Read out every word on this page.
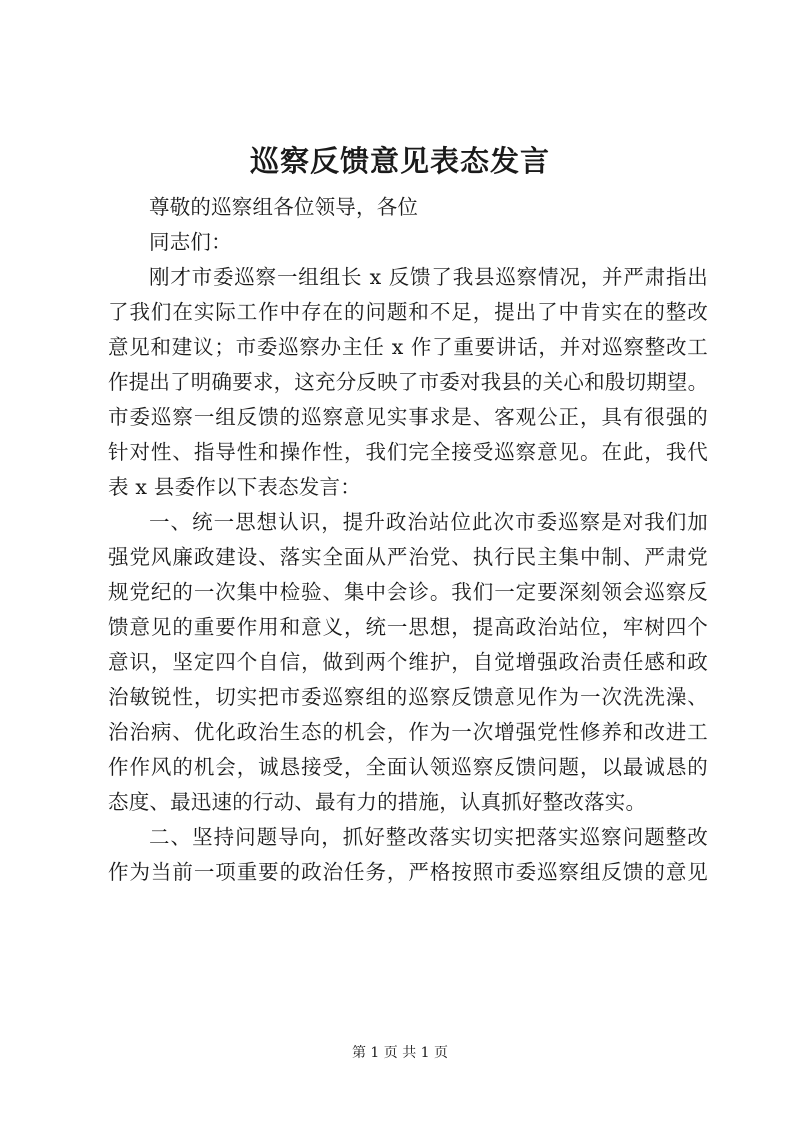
巡察反馈意见表态发言
尊敬的巡察组各位领导，各位
同志们：
刚才市委巡察一组组长 x 反馈了我县巡察情况，并严肃指出
了我们在实际工作中存在的问题和不足，提出了中肯实在的整改
意见和建议；市委巡察办主任 x 作了重要讲话，并对巡察整改工
作提出了明确要求，这充分反映了市委对我县的关心和殷切期望。
市委巡察一组反馈的巡察意见实事求是、客观公正，具有很强的
针对性、指导性和操作性，我们完全接受巡察意见。在此，我代
表 x 县委作以下表态发言：
一、统一思想认识，提升政治站位此次市委巡察是对我们加
强党风廉政建设、落实全面从严治党、执行民主集中制、严肃党
规党纪的一次集中检验、集中会诊。我们一定要深刻领会巡察反
馈意见的重要作用和意义，统一思想，提高政治站位，牢树四个
意识，坚定四个自信，做到两个维护，自觉增强政治责任感和政
治敏锐性，切实把市委巡察组的巡察反馈意见作为一次洗洗澡、
治治病、优化政治生态的机会，作为一次增强党性修养和改进工
作作风的机会，诚恳接受，全面认领巡察反馈问题，以最诚恳的
态度、最迅速的行动、最有力的措施，认真抓好整改落实。
二、坚持问题导向，抓好整改落实切实把落实巡察问题整改
作为当前一项重要的政治任务，严格按照市委巡察组反馈的意见
第 1 页 共 1 页
